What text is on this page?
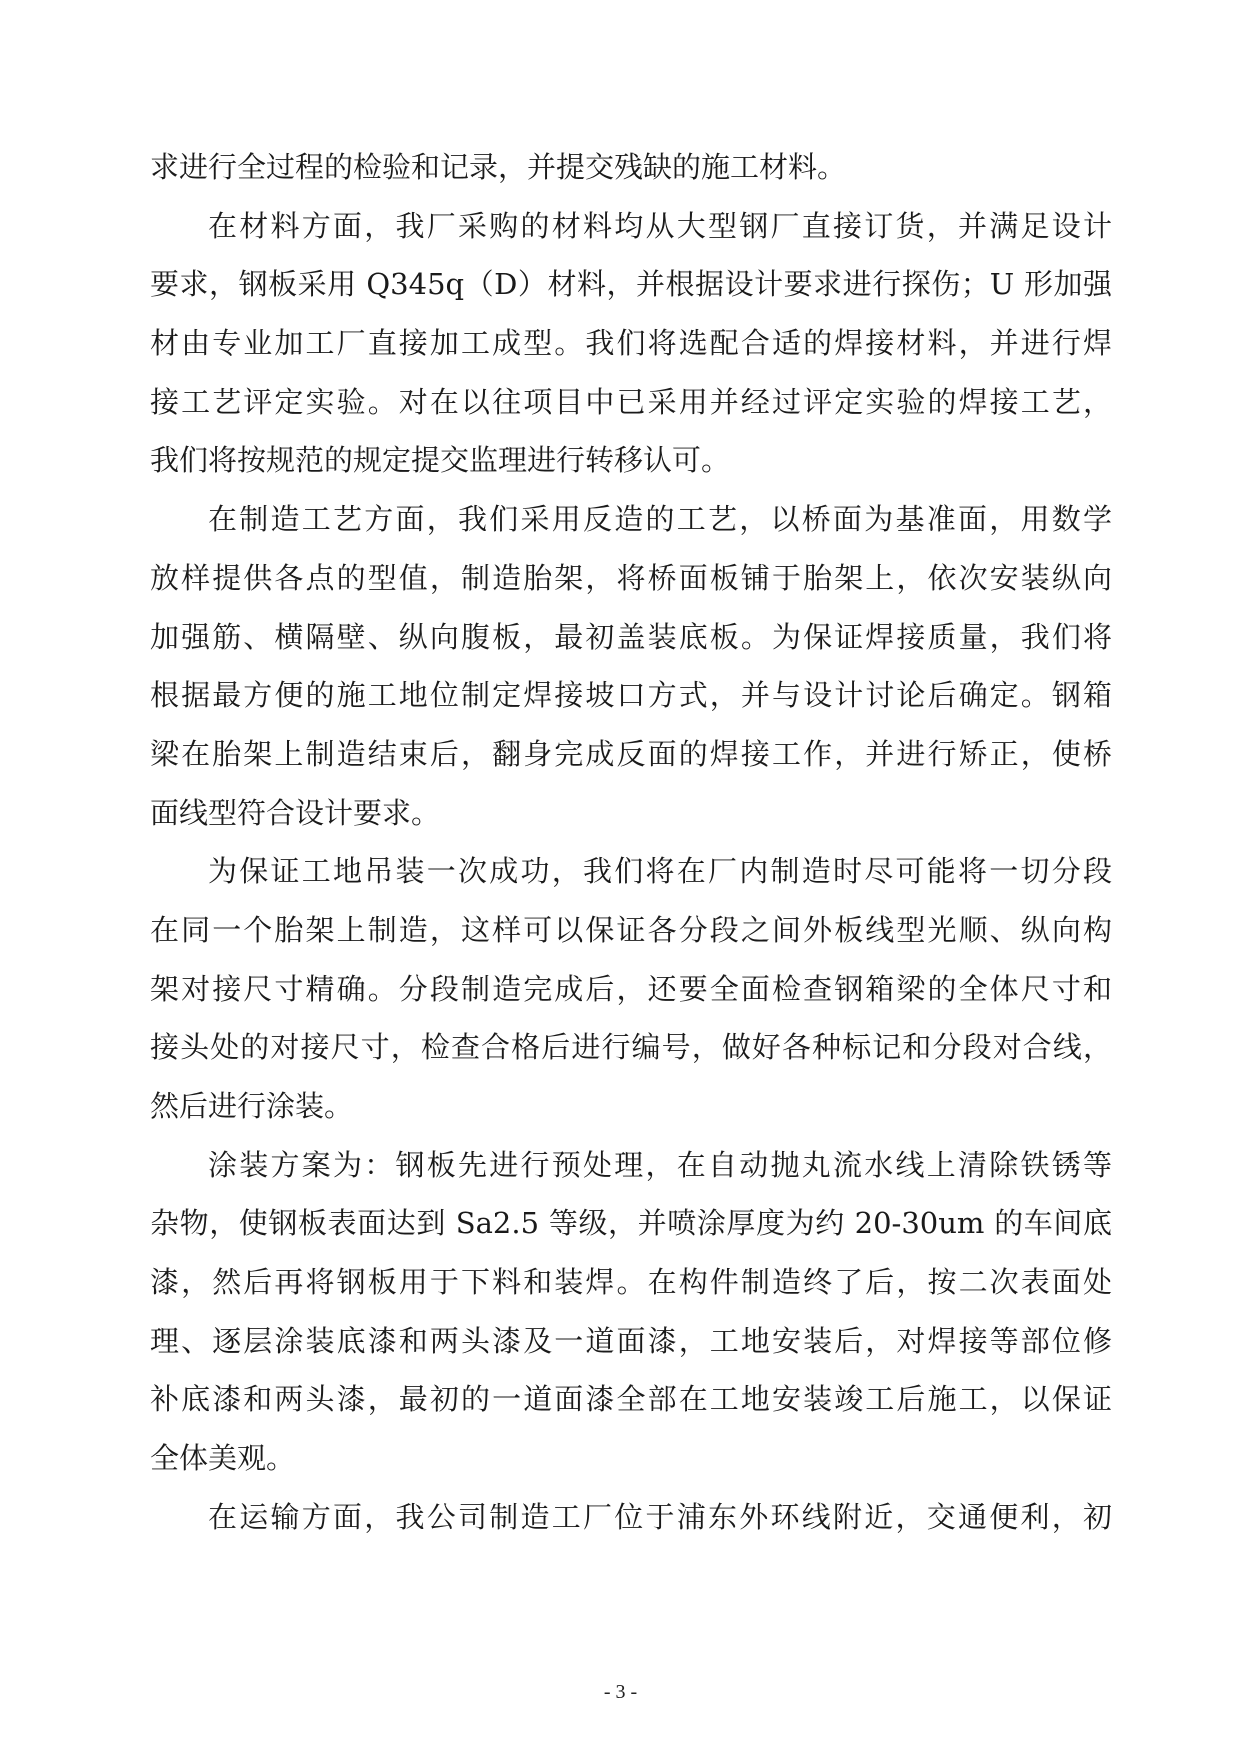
求进行全过程的检验和记录，并提交残缺的施工材料。
在材料方面，我厂采购的材料均从大型钢厂直接订货，并满足设计
要求，钢板采用 Q345q（D）材料，并根据设计要求进行探伤；U 形加强
材由专业加工厂直接加工成型。我们将选配合适的焊接材料，并进行焊
接工艺评定实验。对在以往项目中已采用并经过评定实验的焊接工艺，
我们将按规范的规定提交监理进行转移认可。
在制造工艺方面，我们采用反造的工艺，以桥面为基准面，用数学
放样提供各点的型值，制造胎架，将桥面板铺于胎架上，依次安装纵向
加强筋、横隔壁、纵向腹板，最初盖装底板。为保证焊接质量，我们将
根据最方便的施工地位制定焊接坡口方式，并与设计讨论后确定。钢箱
梁在胎架上制造结束后，翻身完成反面的焊接工作，并进行矫正，使桥
面线型符合设计要求。
为保证工地吊装一次成功，我们将在厂内制造时尽可能将一切分段
在同一个胎架上制造，这样可以保证各分段之间外板线型光顺、纵向构
架对接尺寸精确。分段制造完成后，还要全面检查钢箱梁的全体尺寸和
接头处的对接尺寸，检查合格后进行编号，做好各种标记和分段对合线，
然后进行涂装。
涂装方案为：钢板先进行预处理，在自动抛丸流水线上清除铁锈等
杂物，使钢板表面达到 Sa2.5 等级，并喷涂厚度为约 20-30um 的车间底
漆，然后再将钢板用于下料和装焊。在构件制造终了后，按二次表面处
理、逐层涂装底漆和两头漆及一道面漆，工地安装后，对焊接等部位修
补底漆和两头漆，最初的一道面漆全部在工地安装竣工后施工，以保证
全体美观。
在运输方面，我公司制造工厂位于浦东外环线附近，交通便利，初
- 3 -
